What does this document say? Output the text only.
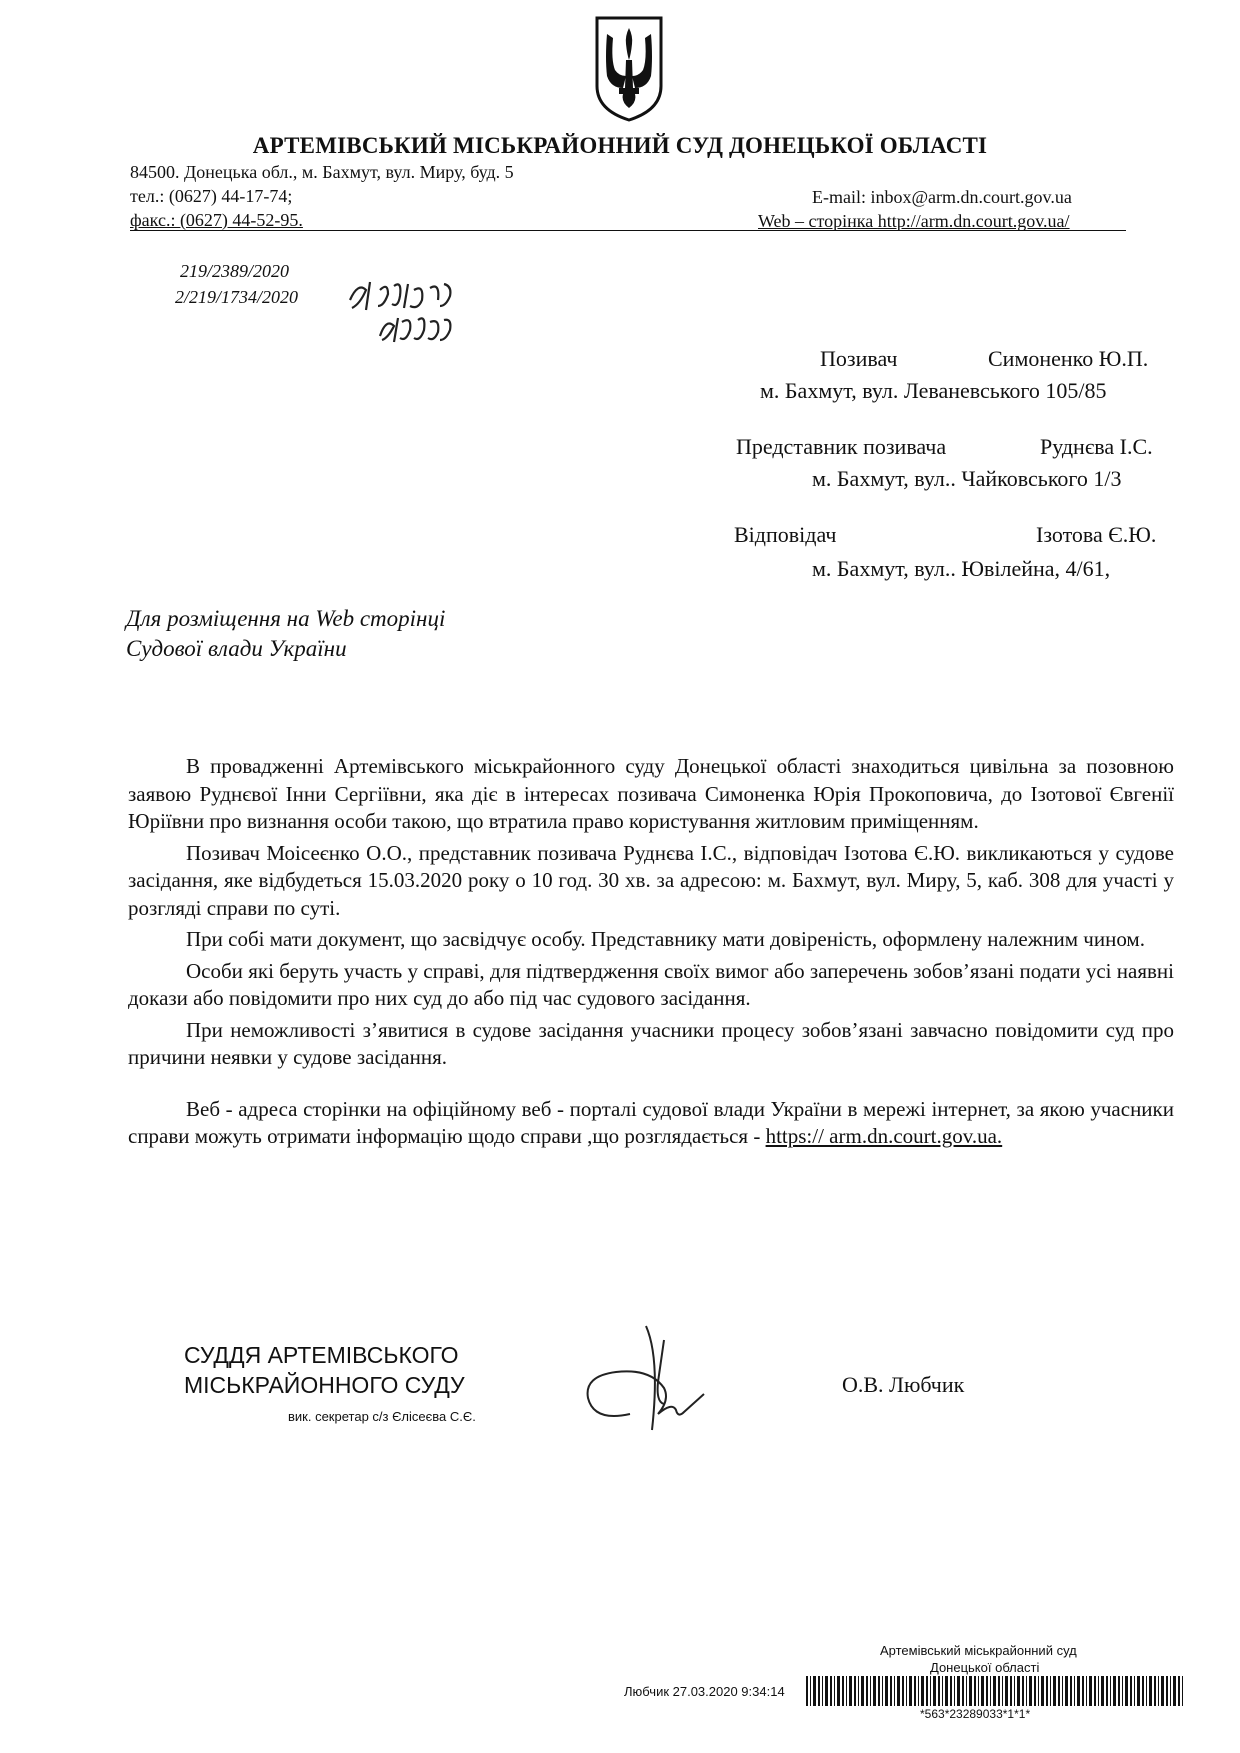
АРТЕМІВСЬКИЙ МІСЬКРАЙОННИЙ СУД ДОНЕЦЬКОЇ ОБЛАСТІ
84500. Донецька обл., м. Бахмут, вул. Миру, буд. 5
тел.: (0627) 44-17-74;
факс.: (0627) 44-52-95.
E-mail: inbox@arm.dn.court.gov.ua
Web – сторінка http://arm.dn.court.gov.ua/
219/2389/2020
2/219/1734/2020
Позивач	Симоненко Ю.П.
м. Бахмут, вул. Леваневського 105/85
Представник позивача	Руднєва І.С.
м. Бахмут, вул.. Чайковського 1/3
Відповідач	Ізотова Є.Ю.
м. Бахмут, вул.. Ювілейна, 4/61,
Для розміщення на Web сторінці
Судової влади України

В провадженні Артемівського міськрайонного суду Донецької області знаходиться цивільна за позовною заявою Руднєвої Інни Сергіївни, яка діє в інтересах позивача Симоненка Юрія Прокоповича, до Ізотової Євгенії Юріївни про визнання особи такою, що втратила право користування житловим приміщенням.

Позивач Моісеєнко О.О., представник позивача Руднєва І.С., відповідач Ізотова Є.Ю. викликаються у судове засідання, яке відбудеться 15.03.2020 року о 10 год. 30 хв. за адресою: м. Бахмут, вул. Миру, 5, каб. 308 для участі у розгляді справи по суті.

При собі мати документ, що засвідчує особу. Представнику мати довіреність, оформлену належним чином.

Особи які беруть участь у справі, для підтвердження своїх вимог або заперечень зобов’язані подати усі наявні докази або повідомити про них суд до або під час судового засідання.

При неможливості з’явитися в судове засідання учасники процесу зобов’язані завчасно повідомити суд про причини неявки у судове засідання.

Веб - адреса сторінки на офіційному веб - порталі судової влади України в мережі інтернет, за якою учасники справи можуть отримати інформацію щодо справи ,що розглядається - https:// arm.dn.court.gov.ua.

СУДДЯ АРТЕМІВСЬКОГО
МІСЬКРАЙОННОГО СУДУ
вик. секретар с/з Єлісеєва С.Є.
О.В. Любчик
Артемівський міськрайонний суд
Донецької області
Любчик 27.03.2020 9:34:14
*563*23289033*1*1*
